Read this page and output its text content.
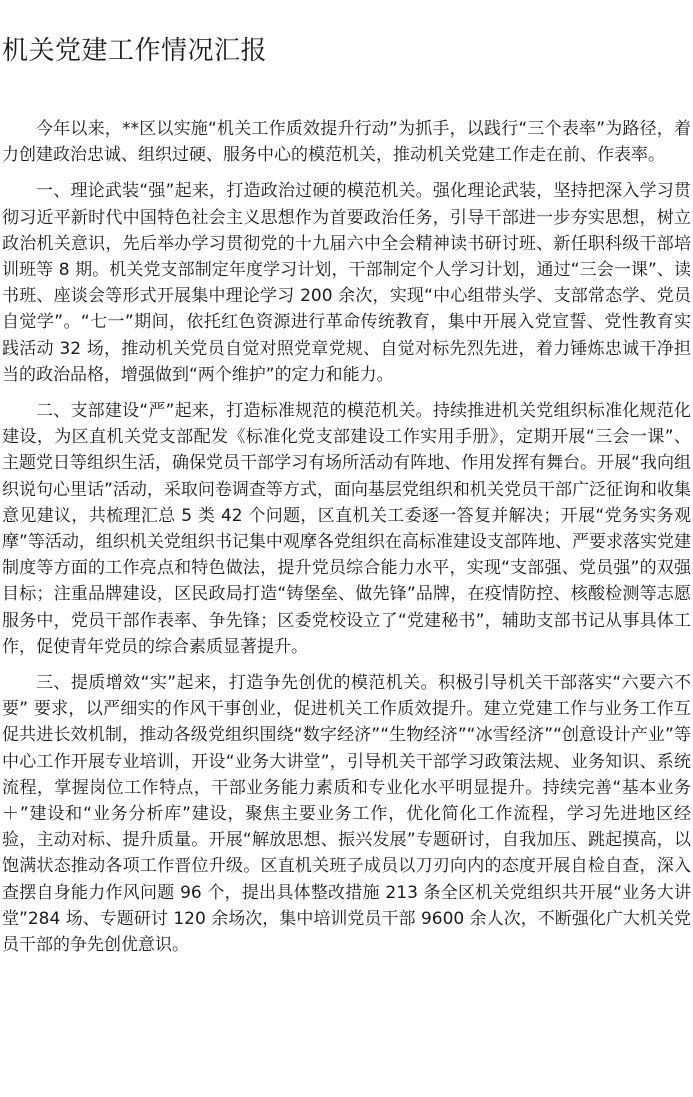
机关党建工作情况汇报

今年以来，**区以实施“机关工作质效提升行动”为抓手，以践行“三个表率”为路径，着力创建政治忠诚、组织过硬、服务中心的模范机关，推动机关党建工作走在前、作表率。

一、理论武装“强”起来，打造政治过硬的模范机关。强化理论武装，坚持把深入学习贯彻习近平新时代中国特色社会主义思想作为首要政治任务，引导干部进一步夯实思想，树立政治机关意识，先后举办学习贯彻党的十九届六中全会精神读书研讨班、新任职科级干部培训班等 8 期。机关党支部制定年度学习计划，干部制定个人学习计划，通过“三会一课”、读书班、座谈会等形式开展集中理论学习 200 余次，实现“中心组带头学、支部常态学、党员自觉学”。“七一”期间，依托红色资源进行革命传统教育，集中开展入党宣誓、党性教育实践活动 32 场，推动机关党员自觉对照党章党规、自觉对标先烈先进，着力锤炼忠诚干净担当的政治品格，增强做到“两个维护”的定力和能力。

二、支部建设“严”起来，打造标准规范的模范机关。持续推进机关党组织标准化规范化建设，为区直机关党支部配发《标准化党支部建设工作实用手册》，定期开展“三会一课”、主题党日等组织生活，确保党员干部学习有场所活动有阵地、作用发挥有舞台。开展“我向组织说句心里话”活动，采取问卷调查等方式，面向基层党组织和机关党员干部广泛征询和收集意见建议，共梳理汇总 5 类 42 个问题，区直机关工委逐一答复并解决；开展“党务实务观摩”等活动，组织机关党组织书记集中观摩各党组织在高标准建设支部阵地、严要求落实党建制度等方面的工作亮点和特色做法，提升党员综合能力水平，实现“支部强、党员强”的双强目标；注重品牌建设，区民政局打造“铸堡垒、做先锋”品牌，在疫情防控、核酸检测等志愿服务中，党员干部作表率、争先锋；区委党校设立了“党建秘书”，辅助支部书记从事具体工作，促使青年党员的综合素质显著提升。

三、提质增效“实”起来，打造争先创优的模范机关。积极引导机关干部落实“六要六不要” 要求，以严细实的作风干事创业，促进机关工作质效提升。建立党建工作与业务工作互促共进长效机制，推动各级党组织围绕“数字经济”“生物经济”“冰雪经济”“创意设计产业”等中心工作开展专业培训，开设“业务大讲堂”，引导机关干部学习政策法规、业务知识、系统流程，掌握岗位工作特点，干部业务能力素质和专业化水平明显提升。持续完善“基本业务＋”建设和“业务分析库”建设，聚焦主要业务工作，优化简化工作流程，学习先进地区经验，主动对标、提升质量。开展“解放思想、振兴发展”专题研讨，自我加压、跳起摸高，以饱满状态推动各项工作晋位升级。区直机关班子成员以刀刃向内的态度开展自检自查，深入查摆自身能力作风问题 96 个，提出具体整改措施 213 条全区机关党组织共开展“业务大讲堂”284 场、专题研讨 120 余场次，集中培训党员干部 9600 余人次，不断强化广大机关党员干部的争先创优意识。
